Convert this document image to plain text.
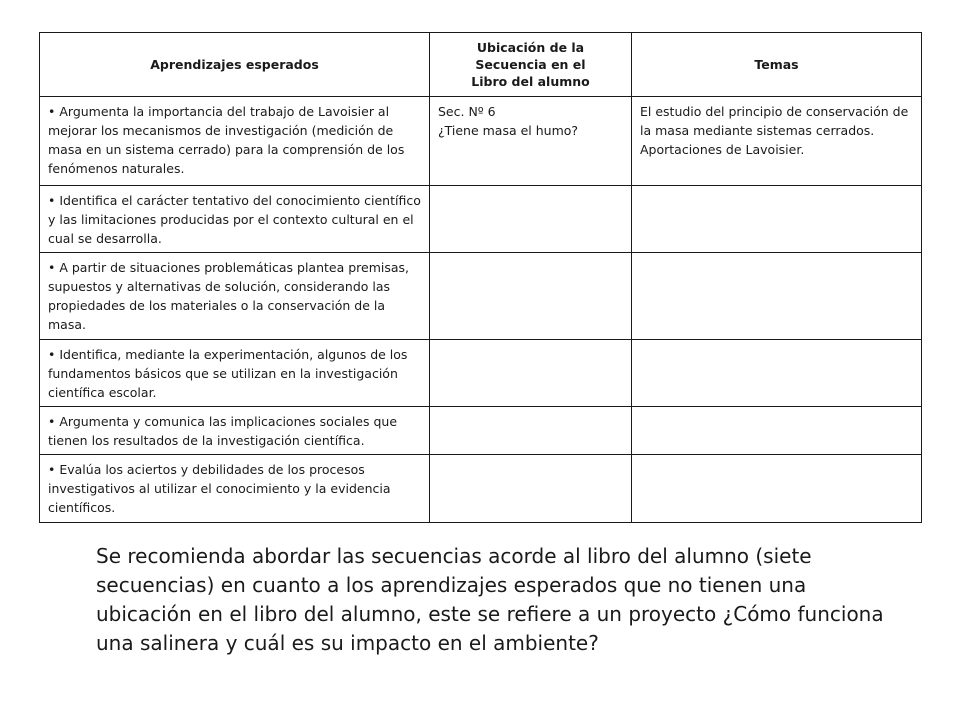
Aprendizajes esperados	Ubicación de la
Secuencia en el
Libro del alumno	Temas
• Argumenta la importancia del trabajo de Lavoisier al mejorar los mecanismos de investigación (medición de masa en un sistema cerrado) para la comprensión de los fenómenos naturales.	Sec. Nº 6
¿Tiene masa el humo?	El estudio del principio de conservación de la masa mediante sistemas cerrados. Aportaciones de Lavoisier.
• Identifica el carácter tentativo del conocimiento científico y las limitaciones producidas por el contexto cultural en el cual se desarrolla.		
• A partir de situaciones problemáticas plantea premisas, supuestos y alternativas de solución, considerando las propiedades de los materiales o la conservación de la masa.		
• Identifica, mediante la experimentación, algunos de los fundamentos básicos que se utilizan en la investigación científica escolar.		
• Argumenta y comunica las implicaciones sociales que tienen los resultados de la investigación científica.		
• Evalúa los aciertos y debilidades de los procesos investigativos al utilizar el conocimiento y la evidencia científicos.		

Se recomienda abordar las secuencias acorde al libro del alumno (siete secuencias) en cuanto a los aprendizajes esperados que no tienen una ubicación en el libro del alumno, este se refiere a un proyecto ¿Cómo funciona una salinera y cuál es su impacto en el ambiente?
